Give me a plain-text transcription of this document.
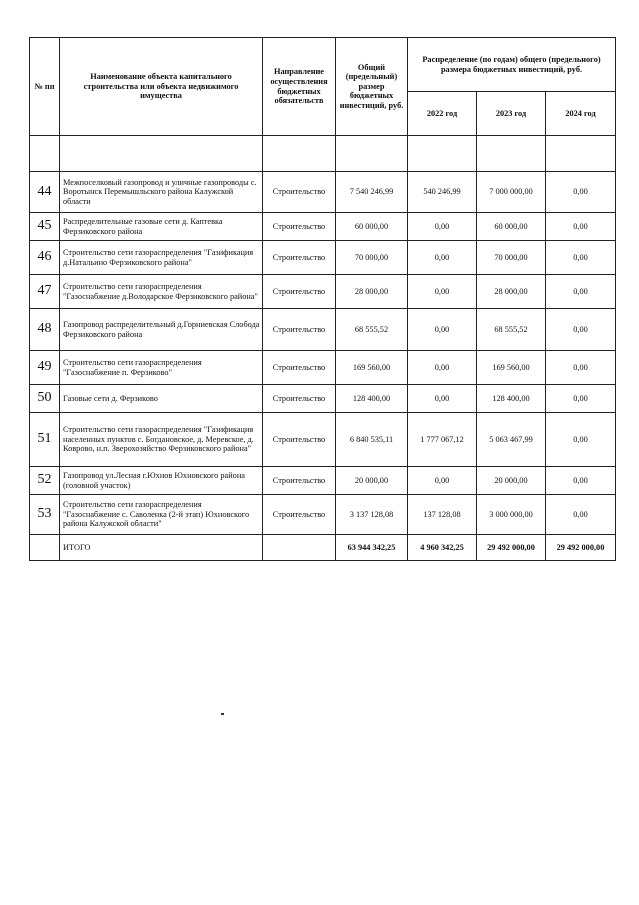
№ пп	Наименование объекта капитального строительства или объекта недвижимого имущества	Направление осуществления бюджетных обязательств	Общий (предельный) размер бюджетных инвестиций, руб.	Распределение (по годам) общего (предельного) размера бюджетных инвестиций, руб.		
				2022 год	2023 год	2024 год

44	Межпоселковый газопровод и уличные газопроводы с. Воротынск Перемышльского района Калужской области	Строительство	7 540 246,99	540 246,99	7 000 000,00	0,00
45	Распределительные газовые сети д. Каптевка Ферзиковского района	Строительство	60 000,00	0,00	60 000,00	0,00
46	Строительство сети газораспределения "Газификация д.Натальино Ферзиковского района"	Строительство	70 000,00	0,00	70 000,00	0,00
47	Строительство сети газораспределения "Газоснабжение д.Володарское Ферзиковского района"	Строительство	28 000,00	0,00	28 000,00	0,00
48	Газопровод распределительный д.Горниевская Слобода Ферзиковского района	Строительство	68 555,52	0,00	68 555,52	0,00
49	Строительство сети газораспределения "Газоснабжение п. Ферзиково"	Строительство	169 560,00	0,00	169 560,00	0,00
50	Газовые сети д. Ферзиково	Строительство	128 400,00	0,00	128 400,00	0,00
51	Строительство сети газораспределения "Газификация населенных пунктов с. Богдановское, д. Меревское, д. Коврово, н.п. Зверохозяйство Ферзиковского района"	Строительство	6 840 535,11	1 777 067,12	5 063 467,99	0,00
52	Газопровод ул.Лесная г.Юхнов Юхновского района (головной участок)	Строительство	20 000,00	0,00	20 000,00	0,00
53	Строительство сети газораспределения "Газоснабжение с. Саволенка (2-й этап) Юхновского района Калужской области"	Строительство	3 137 128,08	137 128,08	3 000 000,00	0,00
	ИТОГО		63 944 342,25	4 960 342,25	29 492 000,00	29 492 000,00
